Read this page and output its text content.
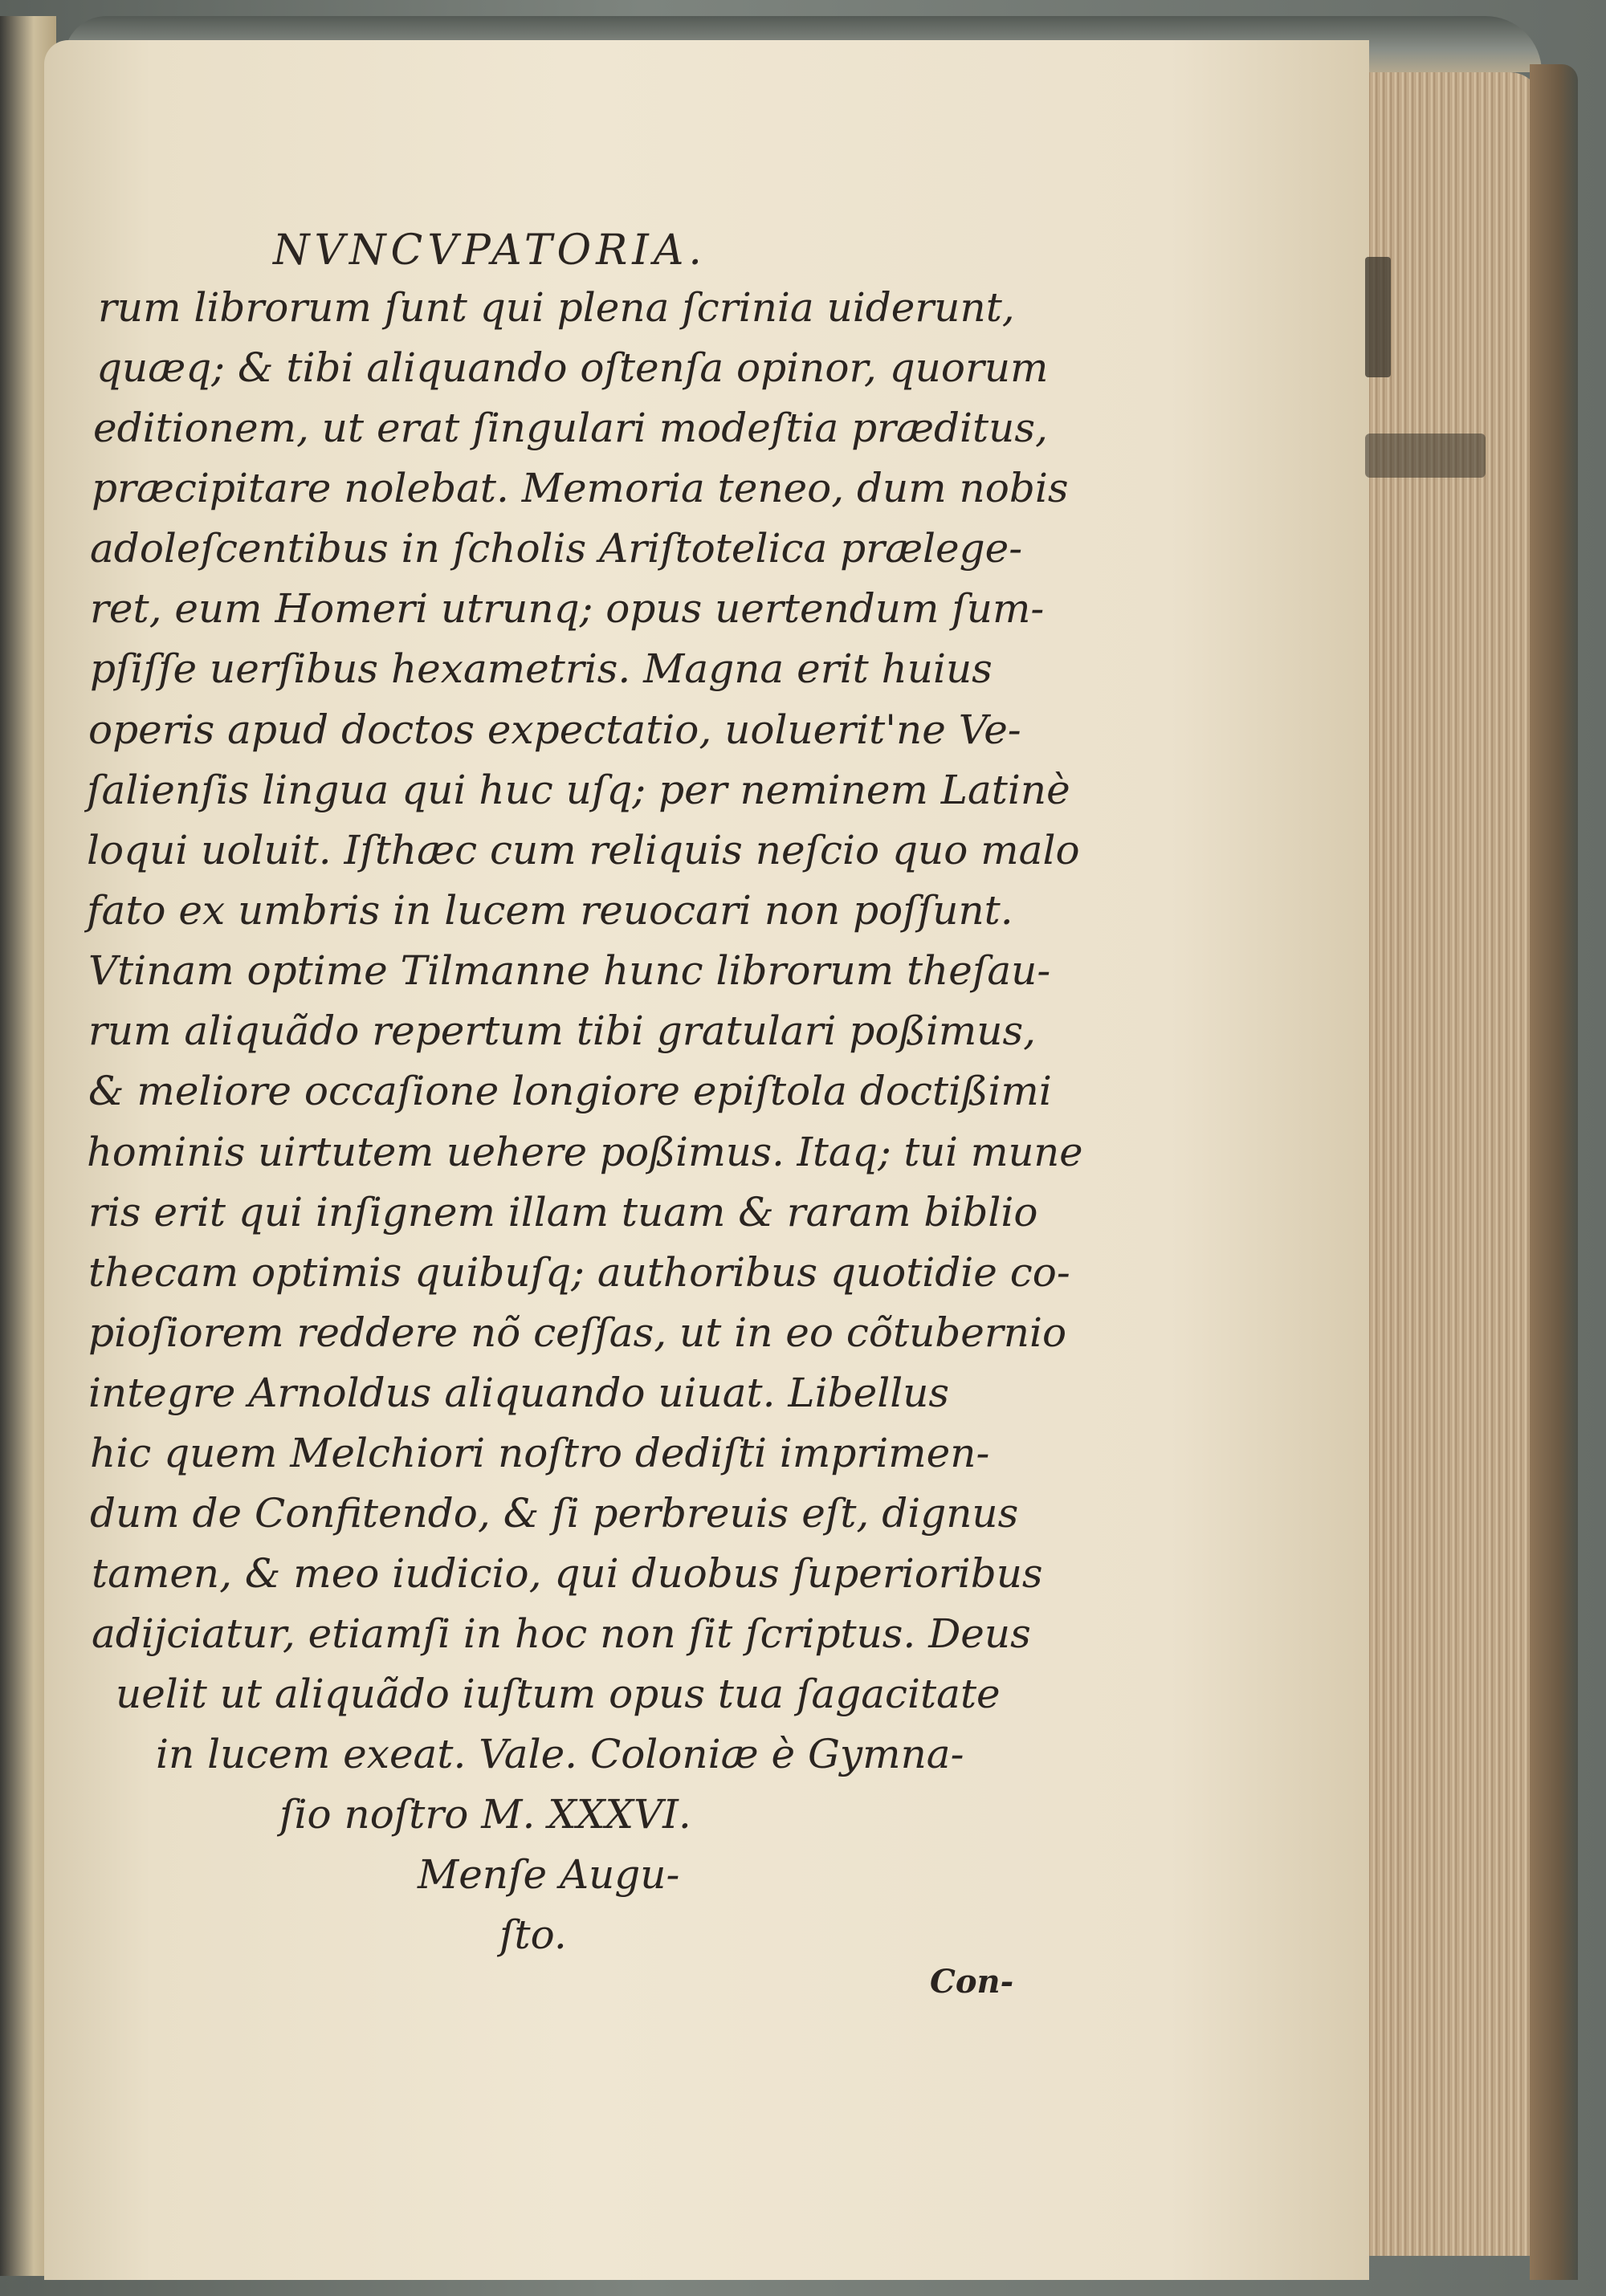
NVNCVPATORIA.
rum librorum ſunt qui plena ſcrinia uiderunt,
quæq; & tibi aliquando oſtenſa opinor, quorum
editionem, ut erat ſingulari modeſtia præditus,
præcipitare nolebat. Memoria teneo, dum nobis
adoleſcentibus in ſcholis Ariſtotelica prælege-
ret, eum Homeri utrunq; opus uertendum ſum-
pſiſſe uerſibus hexametris. Magna erit huius
operis apud doctos expectatio, uoluerit'ne Ve-
ſalienſis lingua qui huc uſq; per neminem Latinè
loqui uoluit. Iſthæc cum reliquis neſcio quo malo
fato ex umbris in lucem reuocari non poſſunt.
Vtinam optime Tilmanne hunc librorum theſau-
rum aliquãdo repertum tibi gratulari poßimus,
& meliore occaſione longiore epiſtola doctißimi
hominis uirtutem uehere poßimus. Itaq; tui mune
ris erit qui inſignem illam tuam & raram biblio
thecam optimis quibuſq; authoribus quotidie co-
pioſiorem reddere nõ ceſſas, ut in eo cõtubernio
integre Arnoldus aliquando uiuat. Libellus
hic quem Melchiori noſtro dediſti imprimen-
dum de Confitendo, & ſi perbreuis eſt, dignus
tamen, & meo iudicio, qui duobus ſuperioribus
adijciatur, etiamſi in hoc non ſit ſcriptus. Deus
uelit ut aliquãdo iuſtum opus tua ſagacitate
in lucem exeat. Vale. Coloniæ è Gymna-
ſio noſtro M. XXXVI.
Menſe Augu-
ſto.
Con-
